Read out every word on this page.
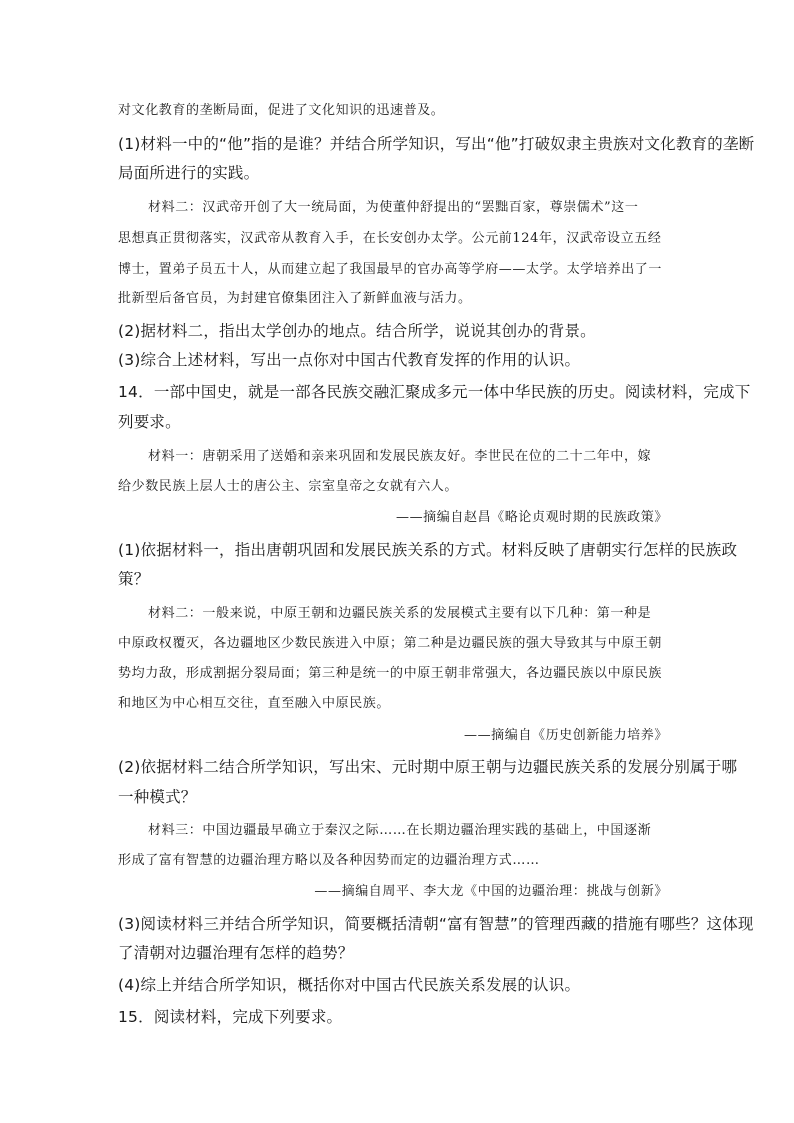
对文化教育的垄断局面，促进了文化知识的迅速普及。
(1)材料一中的“他”指的是谁？并结合所学知识，写出“他”打破奴隶主贵族对文化教育的垄断
局面所进行的实践。
材料二：汉武帝开创了大一统局面，为使董仲舒提出的“罢黜百家，尊崇儒术”这一
思想真正贯彻落实，汉武帝从教育入手，在长安创办太学。公元前124年，汉武帝设立五经
博士，置弟子员五十人，从而建立起了我国最早的官办高等学府——太学。太学培养出了一
批新型后备官员，为封建官僚集团注入了新鲜血液与活力。
(2)据材料二，指出太学创办的地点。结合所学，说说其创办的背景。
(3)综合上述材料，写出一点你对中国古代教育发挥的作用的认识。
14．一部中国史，就是一部各民族交融汇聚成多元一体中华民族的历史。阅读材料，完成下
列要求。
材料一：唐朝采用了送婚和亲来巩固和发展民族友好。李世民在位的二十二年中，嫁
给少数民族上层人士的唐公主、宗室皇帝之女就有六人。
——摘编自赵昌《略论贞观时期的民族政策》
(1)依据材料一，指出唐朝巩固和发展民族关系的方式。材料反映了唐朝实行怎样的民族政
策？
材料二：一般来说，中原王朝和边疆民族关系的发展模式主要有以下几种：第一种是
中原政权覆灭，各边疆地区少数民族进入中原；第二种是边疆民族的强大导致其与中原王朝
势均力敌，形成割据分裂局面；第三种是统一的中原王朝非常强大，各边疆民族以中原民族
和地区为中心相互交往，直至融入中原民族。
——摘编自《历史创新能力培养》
(2)依据材料二结合所学知识，写出宋、元时期中原王朝与边疆民族关系的发展分别属于哪
一种模式？
材料三：中国边疆最早确立于秦汉之际……在长期边疆治理实践的基础上，中国逐渐
形成了富有智慧的边疆治理方略以及各种因势而定的边疆治理方式……
——摘编自周平、李大龙《中国的边疆治理：挑战与创新》
(3)阅读材料三并结合所学知识，简要概括清朝“富有智慧”的管理西藏的措施有哪些？这体现
了清朝对边疆治理有怎样的趋势？
(4)综上并结合所学知识，概括你对中国古代民族关系发展的认识。
15．阅读材料，完成下列要求。
